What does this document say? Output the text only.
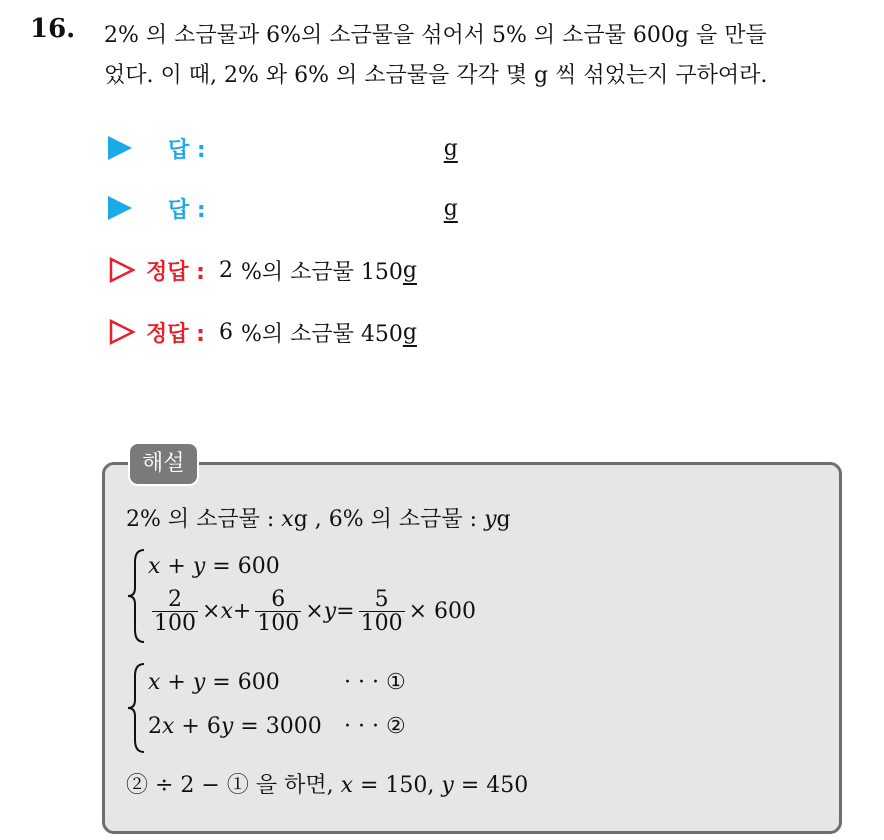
16. 2% 의 소금물과 6%의 소금물을 섞어서 5% 의 소금물 600g 을 만들
었다. 이 때, 2% 와 6% 의 소금물을 각각 몇 g 씩 섞었는지 구하여라.
답 :	g
답 :	g
정답 : 2 %의 소금물 150 g
정답 : 6 %의 소금물 450 g
해설
2% 의 소금물 : xg , 6% 의 소금물 : yg
x + y = 600
$\frac{2}{100} \times x + \frac{6}{100} \times y = \frac{5}{100} \times 600$
x + y = 600	· · · ①
2x + 6y = 3000 · · · ②
② ÷ 2 − ① 을 하면, x = 150, y = 450
